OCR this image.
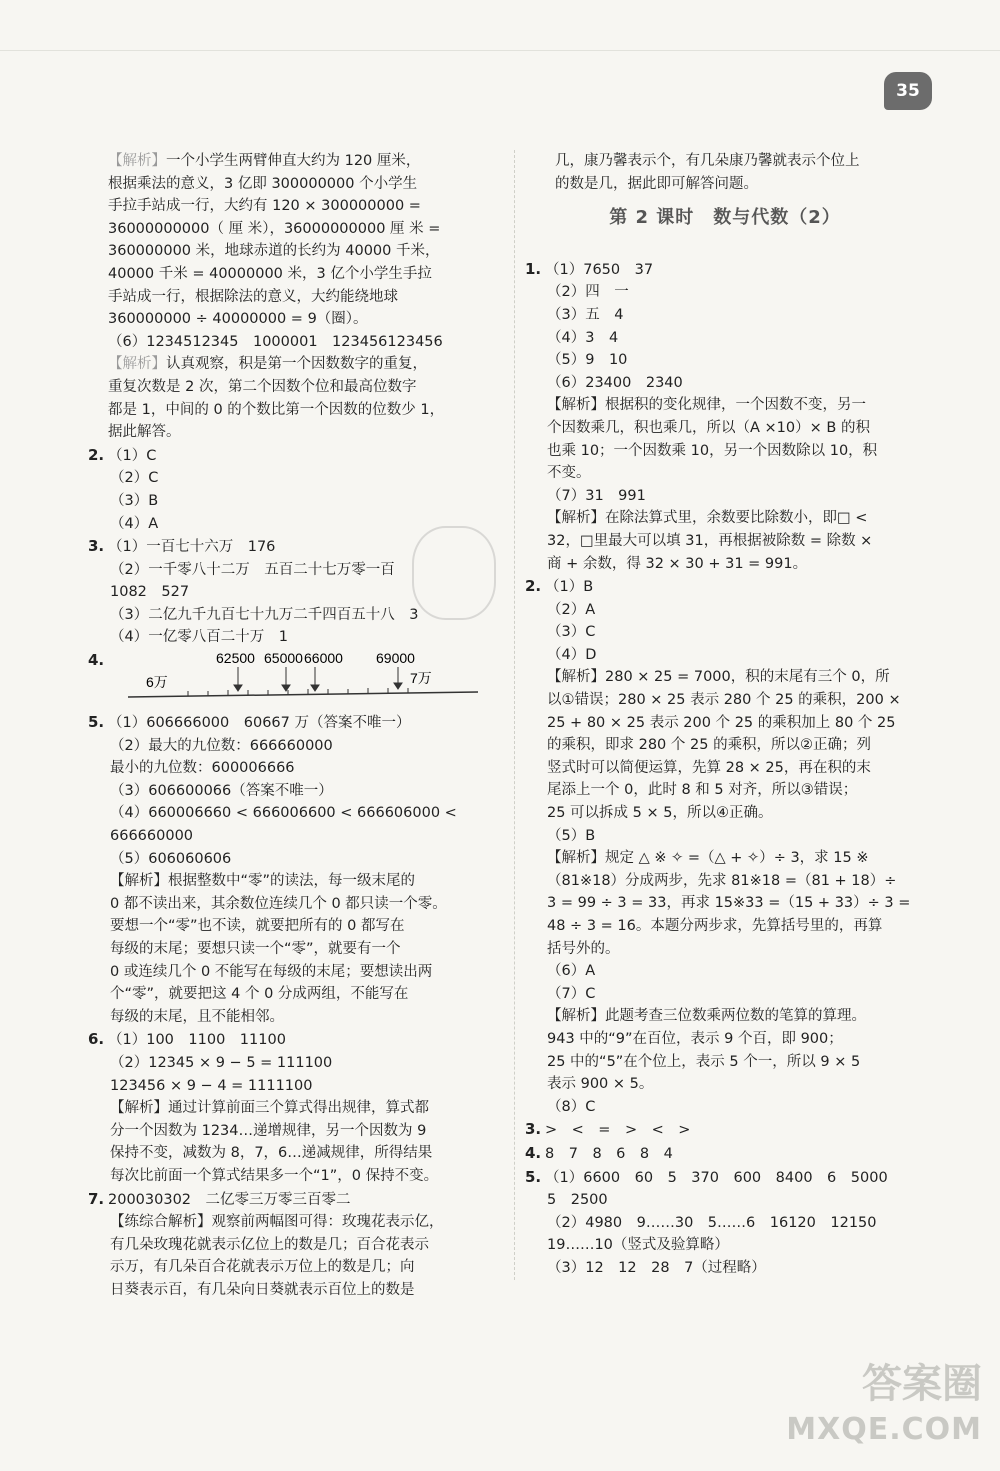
35
【解析】一个小学生两臂伸直大约为 120 厘米，
根据乘法的意义，3 亿即 300000000 个小学生
手拉手站成一行，大约有 120 × 300000000 =
36000000000（ 厘 米），36000000000 厘 米 =
360000000 米，地球赤道的长约为 40000 千米，
40000 千米 = 40000000 米，3 亿个小学生手拉
手站成一行，根据除法的意义，大约能绕地球
360000000 ÷ 40000000 = 9（圈）。
（6）1234512345　1000001　123456123456
【解析】认真观察，积是第一个因数数字的重复，
重复次数是 2 次，第二个因数个位和最高位数字
都是 1，中间的 0 的个数比第一个因数的位数少 1，
据此解答。
2. （1）C
（2）C
（3）B
（4）A
3. （1）一百七十六万　176
（2）一千零八十二万　五百二十七万零一百
1082　527
（3）二亿九千九百七十九万二千四百五十八　3
（4）一亿零八百二十万　1
4.	62500 65000 66000 69000
6万	7万
5. （1）606666000　60667 万（答案不唯一）
（2）最大的九位数：666660000
最小的九位数：600006666
（3）606600066（答案不唯一）
（4）660006660 < 666006600 < 666606000 <
666660000
（5）606060606
【解析】根据整数中“零”的读法，每一级末尾的
0 都不读出来，其余数位连续几个 0 都只读一个零。
要想一个“零”也不读，就要把所有的 0 都写在
每级的末尾；要想只读一个“零”，就要有一个
0 或连续几个 0 不能写在每级的末尾；要想读出两
个“零”，就要把这 4 个 0 分成两组，不能写在
每级的末尾，且不能相邻。
6. （1）100　1100　11100
（2）12345 × 9 − 5 = 111100
123456 × 9 − 4 = 1111100
【解析】通过计算前面三个算式得出规律，算式都
分一个因数为 1234…递增规律，另一个因数为 9
保持不变，减数为 8，7，6…递减规律，所得结果
每次比前面一个算式结果多一个“1”，0 保持不变。
7. 200030302　二亿零三万零三百零二
【练综合解析】观察前两幅图可得：玫瑰花表示亿，
有几朵玫瑰花就表示亿位上的数是几；百合花表示
示万，有几朵百合花就表示万位上的数是几；向
日葵表示百，有几朵向日葵就表示百位上的数是
几，康乃馨表示个，有几朵康乃馨就表示个位上
的数是几，据此即可解答问题。
第 2 课时　数与代数（2）
1. （1）7650　37
（2）四　一
（3）五　4
（4）3　4
（5）9　10
（6）23400　2340
【解析】根据积的变化规律，一个因数不变，另一
个因数乘几，积也乘几，所以（A ×10）× B 的积
也乘 10；一个因数乘 10，另一个因数除以 10，积
不变。
（7）31　991
【解析】在除法算式里，余数要比除数小，即□ <
32，□里最大可以填 31，再根据被除数 = 除数 ×
商 + 余数，得 32 × 30 + 31 = 991。
2. （1）B
（2）A
（3）C
（4）D
【解析】280 × 25 = 7000，积的末尾有三个 0，所
以①错误；280 × 25 表示 280 个 25 的乘积，200 ×
25 + 80 × 25 表示 200 个 25 的乘积加上 80 个 25
的乘积，即求 280 个 25 的乘积，所以②正确；列
竖式时可以简便运算，先算 28 × 25，再在积的末
尾添上一个 0，此时 8 和 5 对齐，所以③错误；
25 可以拆成 5 × 5，所以④正确。
（5）B
【解析】规定 △ ※ ✧ =（△ + ✧）÷ 3，求 15 ※
（81※18）分成两步，先求 81※18 =（81 + 18）÷
3 = 99 ÷ 3 = 33，再求 15※33 =（15 + 33）÷ 3 =
48 ÷ 3 = 16。本题分两步求，先算括号里的，再算
括号外的。
（6）A
（7）C
【解析】此题考查三位数乘两位数的笔算的算理。
943 中的“9”在百位，表示 9 个百，即 900；
25 中的“5”在个位上，表示 5 个一，所以 9 × 5
表示 900 × 5。
（8）C
3. >　<　=　>　<　>
4. 8　7　8　6　8　4
5. （1）6600　60　5　370　600　8400　6　5000
5　2500
（2）4980　9……30　5……6　16120　12150
19……10（竖式及验算略）
（3）12　12　28　7（过程略）
答案圈
MXQE.COM
